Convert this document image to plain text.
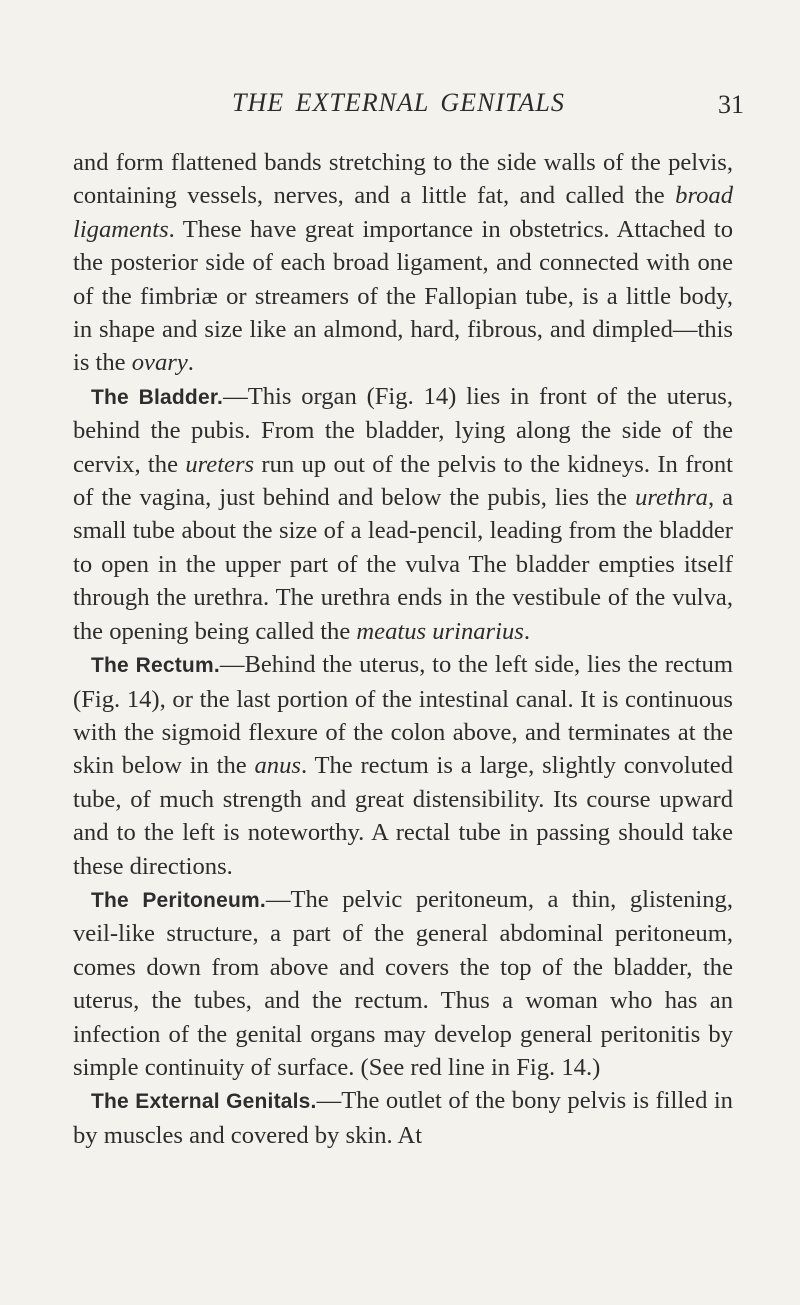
THE EXTERNAL GENITALS	31

and form flattened bands stretching to the side walls of the pelvis, containing vessels, nerves, and a little fat, and called the broad ligaments. These have great importance in obstetrics. Attached to the posterior side of each broad ligament, and connected with one of the fimbriæ or streamers of the Fallopian tube, is a little body, in shape and size like an almond, hard, fibrous, and dimpled—this is the ovary.

The Bladder.—This organ (Fig. 14) lies in front of the uterus, behind the pubis. From the bladder, lying along the side of the cervix, the ureters run up out of the pelvis to the kidneys. In front of the vagina, just behind and below the pubis, lies the urethra, a small tube about the size of a lead-pencil, leading from the bladder to open in the upper part of the vulva The bladder empties itself through the urethra. The urethra ends in the vestibule of the vulva, the opening being called the meatus urinarius.

The Rectum.—Behind the uterus, to the left side, lies the rectum (Fig. 14), or the last portion of the intestinal canal. It is continuous with the sigmoid flexure of the colon above, and terminates at the skin below in the anus. The rectum is a large, slightly convoluted tube, of much strength and great distensibility. Its course upward and to the left is noteworthy. A rectal tube in passing should take these directions.

The Peritoneum.—The pelvic peritoneum, a thin, glistening, veil-like structure, a part of the general abdominal peritoneum, comes down from above and covers the top of the bladder, the uterus, the tubes, and the rectum. Thus a woman who has an infection of the genital organs may develop general peritonitis by simple continuity of surface. (See red line in Fig. 14.)

The External Genitals.—The outlet of the bony pelvis is filled in by muscles and covered by skin. At
